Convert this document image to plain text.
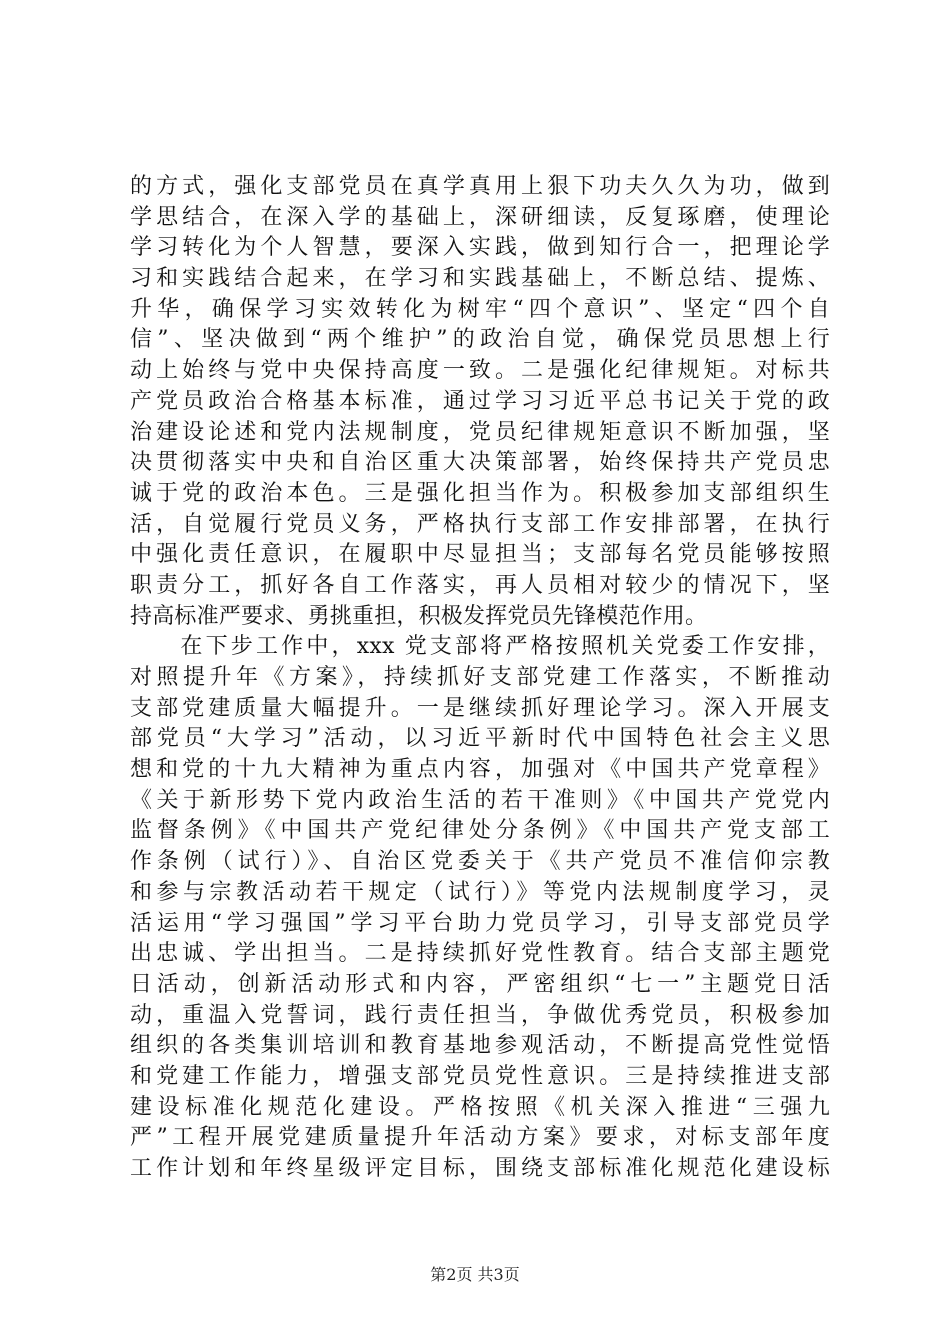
的方式，强化支部党员在真学真用上狠下功夫久久为功，做到
学思结合，在深入学的基础上，深研细读，反复琢磨，使理论
学习转化为个人智慧，要深入实践，做到知行合一，把理论学
习和实践结合起来，在学习和实践基础上，不断总结、提炼、
升华，确保学习实效转化为树牢“四个意识”、坚定“四个自
信”、坚决做到“两个维护”的政治自觉，确保党员思想上行
动上始终与党中央保持高度一致。二是强化纪律规矩。对标共
产党员政治合格基本标准，通过学习习近平总书记关于党的政
治建设论述和党内法规制度，党员纪律规矩意识不断加强，坚
决贯彻落实中央和自治区重大决策部署，始终保持共产党员忠
诚于党的政治本色。三是强化担当作为。积极参加支部组织生
活，自觉履行党员义务，严格执行支部工作安排部署，在执行
中强化责任意识，在履职中尽显担当；支部每名党员能够按照
职责分工，抓好各自工作落实，再人员相对较少的情况下，坚
持高标准严要求、勇挑重担，积极发挥党员先锋模范作用。
　　在下步工作中，xxx 党支部将严格按照机关党委工作安排，
对照提升年《方案》，持续抓好支部党建工作落实，不断推动
支部党建质量大幅提升。一是继续抓好理论学习。深入开展支
部党员“大学习”活动，以习近平新时代中国特色社会主义思
想和党的十九大精神为重点内容，加强对《中国共产党章程》
《关于新形势下党内政治生活的若干准则》《中国共产党党内
监督条例》《中国共产党纪律处分条例》《中国共产党支部工
作条例（试行）》、自治区党委关于《共产党员不准信仰宗教
和参与宗教活动若干规定（试行）》等党内法规制度学习，灵
活运用“学习强国”学习平台助力党员学习，引导支部党员学
出忠诚、学出担当。二是持续抓好党性教育。结合支部主题党
日活动，创新活动形式和内容，严密组织“七一”主题党日活
动，重温入党誓词，践行责任担当，争做优秀党员，积极参加
组织的各类集训培训和教育基地参观活动，不断提高党性觉悟
和党建工作能力，增强支部党员党性意识。三是持续推进支部
建设标准化规范化建设。严格按照《机关深入推进“三强九
严”工程开展党建质量提升年活动方案》要求，对标支部年度
工作计划和年终星级评定目标，围绕支部标准化规范化建设标
第2页 共3页
